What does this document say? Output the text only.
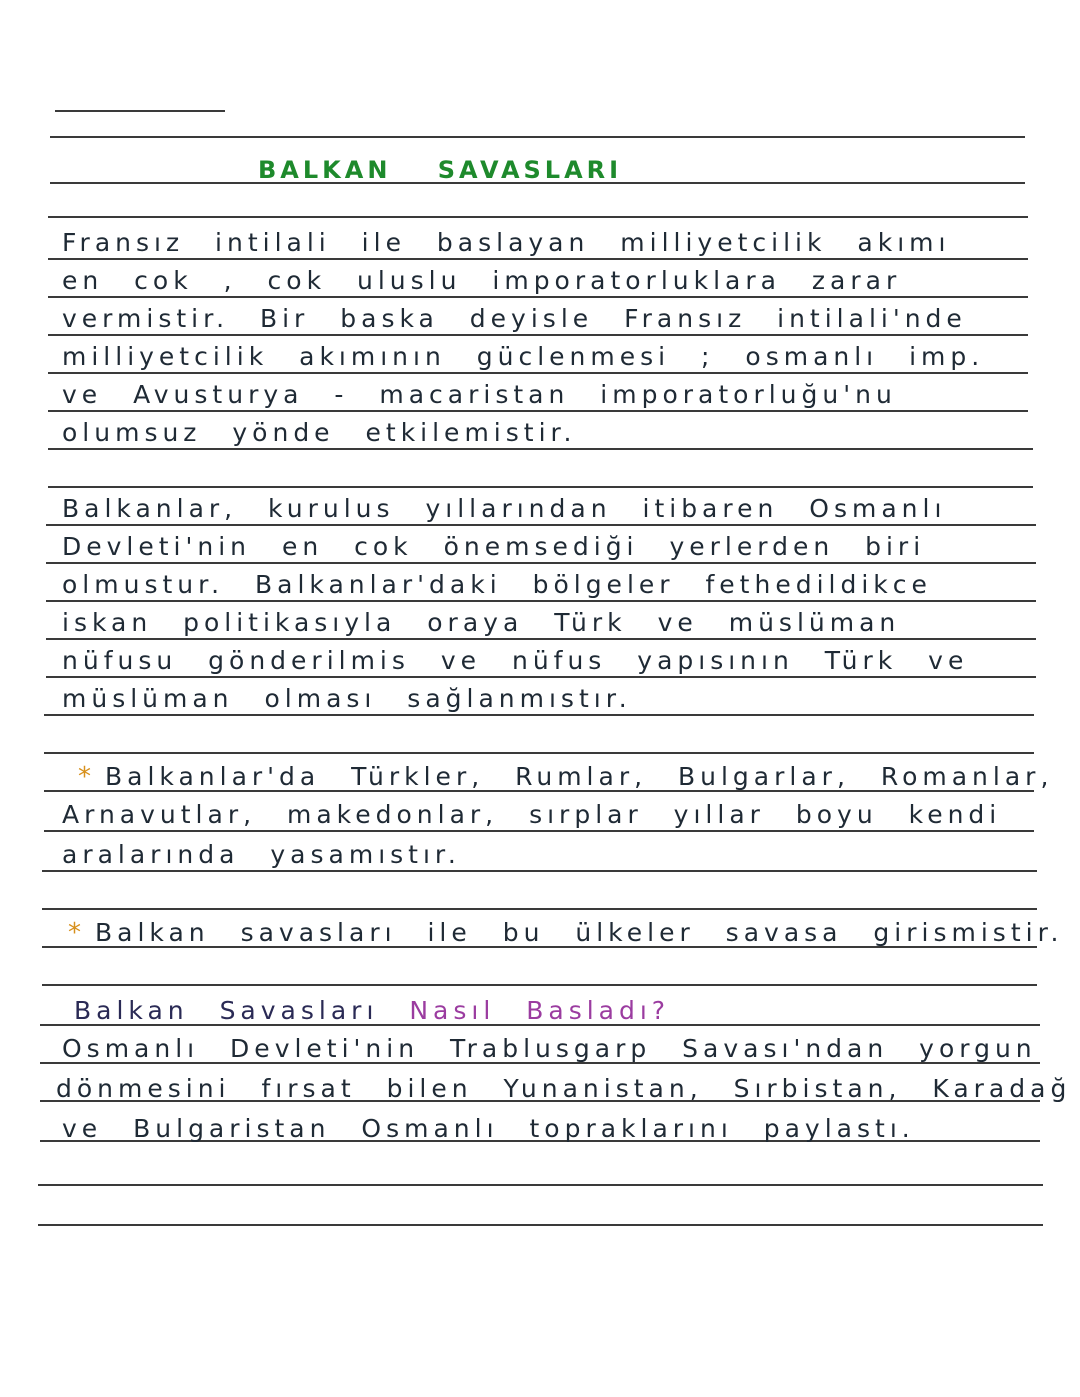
BALKAN SAVASLARI
Fransız intilali ile baslayan milliyetcilik akımı
en cok , cok uluslu imporatorluklara zarar
vermistir. Bir baska deyisle Fransız intilali'nde
milliyetcilik akımının güclenmesi ; osmanlı imp.
ve Avusturya - macaristan imporatorluğu'nu
olumsuz yönde etkilemistir.
Balkanlar, kurulus yıllarından itibaren Osmanlı
Devleti'nin en cok önemsediği yerlerden biri
olmustur. Balkanlar'daki bölgeler fethedildikce
iskan politikasıyla oraya Türk ve müslüman
nüfusu gönderilmis ve nüfus yapısının Türk ve
müslüman olması sağlanmıstır.
* Balkanlar'da Türkler, Rumlar, Bulgarlar, Romanlar,
Arnavutlar, makedonlar, sırplar yıllar boyu kendi
aralarında yasamıstır.
* Balkan savasları ile bu ülkeler savasa girismistir.
Balkan Savasları Nasıl Basladı?
Osmanlı Devleti'nin Trablusgarp Savası'ndan yorgun
dönmesini fırsat bilen Yunanistan, Sırbistan, Karadağ
ve Bulgaristan Osmanlı topraklarını paylastı.
